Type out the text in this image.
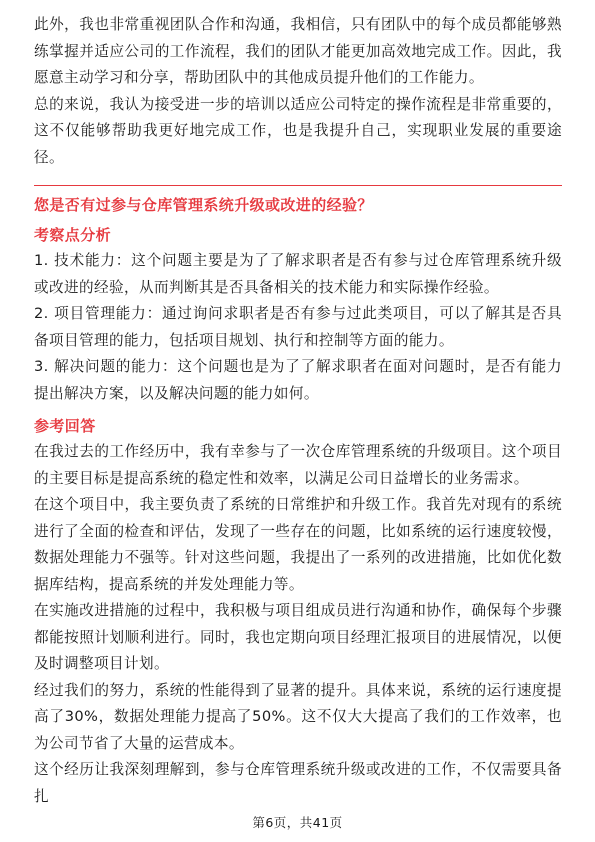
此外，我也非常重视团队合作和沟通，我相信，只有团队中的每个成员都能够熟练掌握并适应公司的工作流程，我们的团队才能更加高效地完成工作。因此，我愿意主动学习和分享，帮助团队中的其他成员提升他们的工作能力。

总的来说，我认为接受进一步的培训以适应公司特定的操作流程是非常重要的，这不仅能够帮助我更好地完成工作，也是我提升自己，实现职业发展的重要途径。

您是否有过参与仓库管理系统升级或改进的经验？

考察点分析

1. 技术能力：这个问题主要是为了了解求职者是否有参与过仓库管理系统升级或改进的经验，从而判断其是否具备相关的技术能力和实际操作经验。

2. 项目管理能力：通过询问求职者是否有参与过此类项目，可以了解其是否具备项目管理的能力，包括项目规划、执行和控制等方面的能力。

3. 解决问题的能力：这个问题也是为了了解求职者在面对问题时，是否有能力提出解决方案，以及解决问题的能力如何。

参考回答

在我过去的工作经历中，我有幸参与了一次仓库管理系统的升级项目。这个项目的主要目标是提高系统的稳定性和效率，以满足公司日益增长的业务需求。

在这个项目中，我主要负责了系统的日常维护和升级工作。我首先对现有的系统进行了全面的检查和评估，发现了一些存在的问题，比如系统的运行速度较慢，数据处理能力不强等。针对这些问题，我提出了一系列的改进措施，比如优化数据库结构，提高系统的并发处理能力等。

在实施改进措施的过程中，我积极与项目组成员进行沟通和协作，确保每个步骤都能按照计划顺利进行。同时，我也定期向项目经理汇报项目的进展情况，以便及时调整项目计划。

经过我们的努力，系统的性能得到了显著的提升。具体来说，系统的运行速度提高了30%，数据处理能力提高了50%。这不仅大大提高了我们的工作效率，也为公司节省了大量的运营成本。

这个经历让我深刻理解到，参与仓库管理系统升级或改进的工作，不仅需要具备扎

第6页，共41页
